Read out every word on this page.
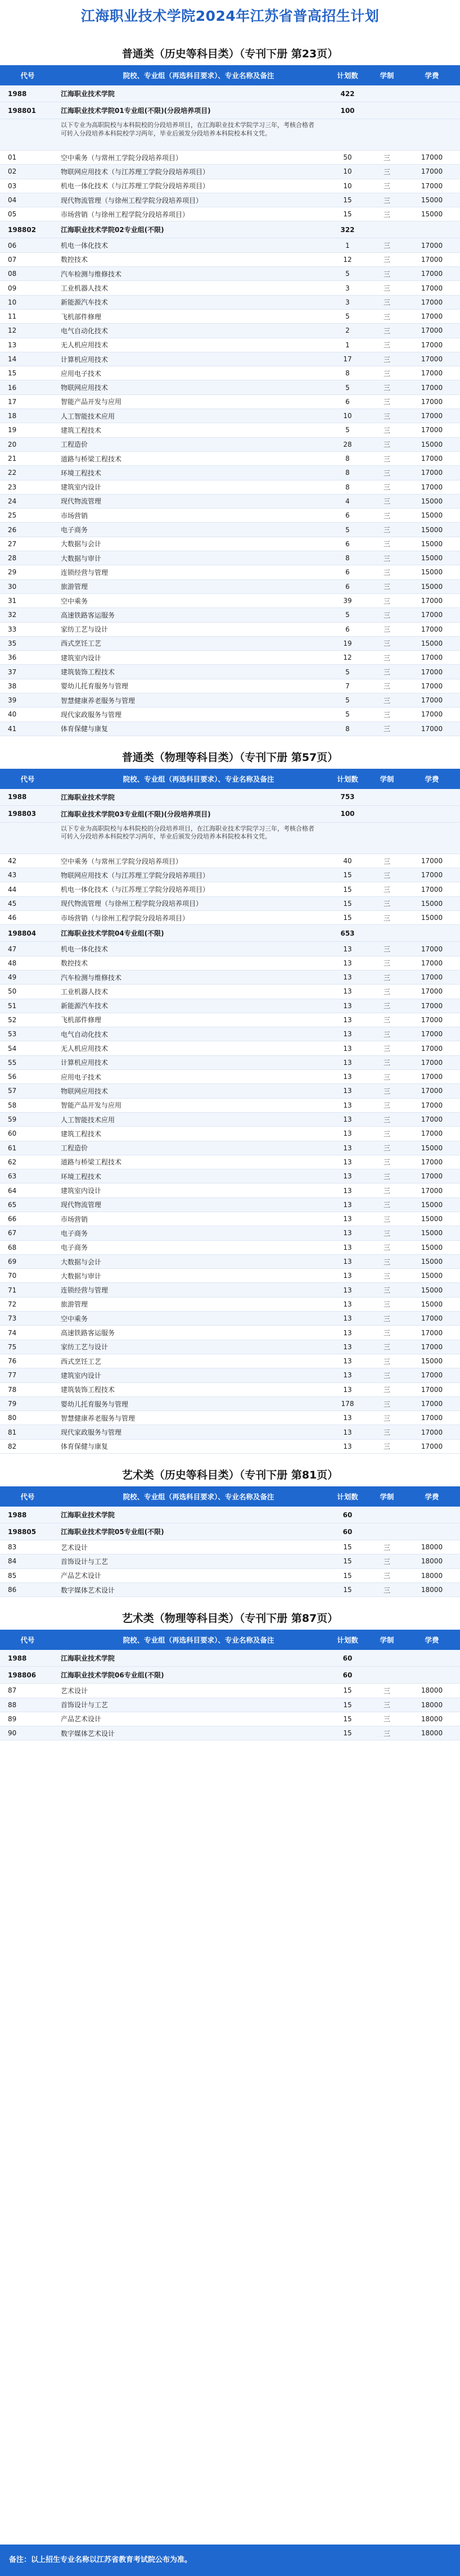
江海职业技术学院2024年江苏省普高招生计划
普通类（历史等科目类）（专刊下册 第23页）
代号	院校、专业组（再选科目要求）、专业名称及备注	计划数	学制	学费
1988	江海职业技术学院	422
198801	江海职业技术学院01专业组(不限)(分段培养项目)	100
以下专业为高职院校与本科院校的分段培养项目，在江海职业技术学院学习三年，考核合格者可转入分段培养本科院校学习两年，毕业后颁发分段培养本科院校本科文凭。
01	空中乘务（与常州工学院分段培养项目）	50	三	17000
02	物联网应用技术（与江苏理工学院分段培养项目）	10	三	17000
03	机电一体化技术（与江苏理工学院分段培养项目）	10	三	17000
04	现代物流管理（与徐州工程学院分段培养项目）	15	三	15000
05	市场营销（与徐州工程学院分段培养项目）	15	三	15000
198802	江海职业技术学院02专业组(不限)	322
06	机电一体化技术	1	三	17000
07	数控技术	12	三	17000
08	汽车检测与维修技术	5	三	17000
09	工业机器人技术	3	三	17000
10	新能源汽车技术	3	三	17000
11	飞机部件修理	5	三	17000
12	电气自动化技术	2	三	17000
13	无人机应用技术	1	三	17000
14	计算机应用技术	17	三	17000
15	应用电子技术	8	三	17000
16	物联网应用技术	5	三	17000
17	智能产品开发与应用	6	三	17000
18	人工智能技术应用	10	三	17000
19	建筑工程技术	5	三	17000
20	工程造价	28	三	15000
21	道路与桥梁工程技术	8	三	17000
22	环境工程技术	8	三	17000
23	建筑室内设计	8	三	17000
24	现代物流管理	4	三	15000
25	市场营销	6	三	15000
26	电子商务	5	三	15000
27	大数据与会计	6	三	15000
28	大数据与审计	8	三	15000
29	连锁经营与管理	6	三	15000
30	旅游管理	6	三	15000
31	空中乘务	39	三	17000
32	高速铁路客运服务	5	三	17000
33	家纺工艺与设计	6	三	17000
35	西式烹饪工艺	19	三	15000
36	建筑室内设计	12	三	17000
37	建筑装饰工程技术	5	三	17000
38	婴幼儿托育服务与管理	7	三	17000
39	智慧健康养老服务与管理	5	三	17000
40	现代家政服务与管理	5	三	17000
41	体育保健与康复	8	三	17000
普通类（物理等科目类）（专刊下册 第57页）
代号	院校、专业组（再选科目要求）、专业名称及备注	计划数	学制	学费
1988	江海职业技术学院	753
198803	江海职业技术学院03专业组(不限)(分段培养项目)	100
以下专业为高职院校与本科院校的分段培养项目，在江海职业技术学院学习三年，考核合格者可转入分段培养本科院校学习两年，毕业后颁发分段培养本科院校本科文凭。
42	空中乘务（与常州工学院分段培养项目）	40	三	17000
43	物联网应用技术（与江苏理工学院分段培养项目）	15	三	17000
44	机电一体化技术（与江苏理工学院分段培养项目）	15	三	17000
45	现代物流管理（与徐州工程学院分段培养项目）	15	三	15000
46	市场营销（与徐州工程学院分段培养项目）	15	三	15000
198804	江海职业技术学院04专业组(不限)	653
47	机电一体化技术	13	三	17000
48	数控技术	13	三	17000
49	汽车检测与维修技术	13	三	17000
50	工业机器人技术	13	三	17000
51	新能源汽车技术	13	三	17000
52	飞机部件修理	13	三	17000
53	电气自动化技术	13	三	17000
54	无人机应用技术	13	三	17000
55	计算机应用技术	13	三	17000
56	应用电子技术	13	三	17000
57	物联网应用技术	13	三	17000
58	智能产品开发与应用	13	三	17000
59	人工智能技术应用	13	三	17000
60	建筑工程技术	13	三	17000
61	工程造价	13	三	15000
62	道路与桥梁工程技术	13	三	17000
63	环境工程技术	13	三	17000
64	建筑室内设计	13	三	17000
65	现代物流管理	13	三	15000
66	市场营销	13	三	15000
67	电子商务	13	三	15000
68	电子商务	13	三	15000
69	大数据与会计	13	三	15000
70	大数据与审计	13	三	15000
71	连锁经营与管理	13	三	15000
72	旅游管理	13	三	15000
73	空中乘务	13	三	17000
74	高速铁路客运服务	13	三	17000
75	家纺工艺与设计	13	三	17000
76	西式烹饪工艺	13	三	15000
77	建筑室内设计	13	三	17000
78	建筑装饰工程技术	13	三	17000
79	婴幼儿托育服务与管理	178	三	17000
80	智慧健康养老服务与管理	13	三	17000
81	现代家政服务与管理	13	三	17000
82	体育保健与康复	13	三	17000
艺术类（历史等科目类）（专刊下册 第81页）
代号	院校、专业组（再选科目要求）、专业名称及备注	计划数	学制	学费
1988	江海职业技术学院	60
198805	江海职业技术学院05专业组(不限)	60
83	艺术设计	15	三	18000
84	首饰设计与工艺	15	三	18000
85	产品艺术设计	15	三	18000
86	数字媒体艺术设计	15	三	18000
艺术类（物理等科目类）（专刊下册 第87页）
代号	院校、专业组（再选科目要求）、专业名称及备注	计划数	学制	学费
1988	江海职业技术学院	60
198806	江海职业技术学院06专业组(不限)	60
87	艺术设计	15	三	18000
88	首饰设计与工艺	15	三	18000
89	产品艺术设计	15	三	18000
90	数字媒体艺术设计	15	三	18000
备注：以上招生专业名称以江苏省教育考试院公布为准。
